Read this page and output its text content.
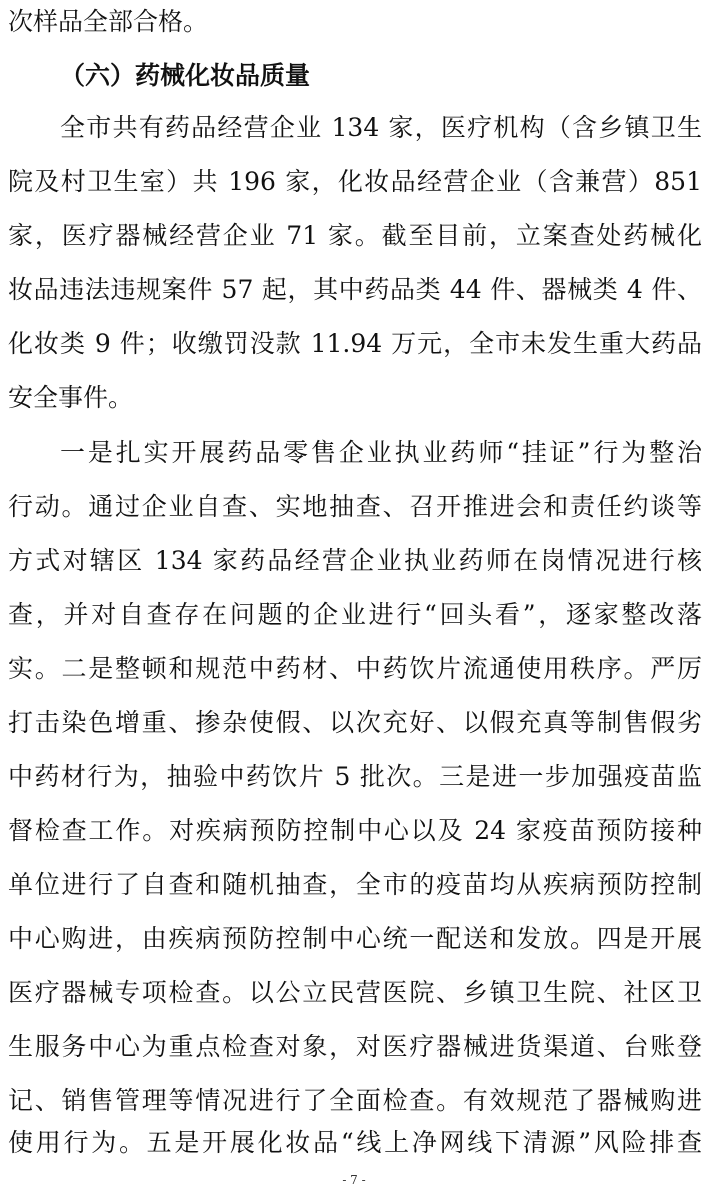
次样品全部合格。
（六）药械化妆品质量
全市共有药品经营企业 134 家，医疗机构（含乡镇卫生
院及村卫生室）共 196 家，化妆品经营企业（含兼营）851
家，医疗器械经营企业 71 家。截至目前，立案查处药械化
妆品违法违规案件 57 起，其中药品类 44 件、器械类 4 件、
化妆类 9 件；收缴罚没款 11.94 万元，全市未发生重大药品
安全事件。
一是扎实开展药品零售企业执业药师“挂证”行为整治
行动。通过企业自查、实地抽查、召开推进会和责任约谈等
方式对辖区 134 家药品经营企业执业药师在岗情况进行核
查，并对自查存在问题的企业进行“回头看”，逐家整改落
实。二是整顿和规范中药材、中药饮片流通使用秩序。严厉
打击染色增重、掺杂使假、以次充好、以假充真等制售假劣
中药材行为，抽验中药饮片 5 批次。三是进一步加强疫苗监
督检查工作。对疾病预防控制中心以及 24 家疫苗预防接种
单位进行了自查和随机抽查，全市的疫苗均从疾病预防控制
中心购进，由疾病预防控制中心统一配送和发放。四是开展
医疗器械专项检查。以公立民营医院、乡镇卫生院、社区卫
生服务中心为重点检查对象，对医疗器械进货渠道、台账登
记、销售管理等情况进行了全面检查。有效规范了器械购进
使用行为。五是开展化妆品“线上净网线下清源”风险排查
- 7 -
